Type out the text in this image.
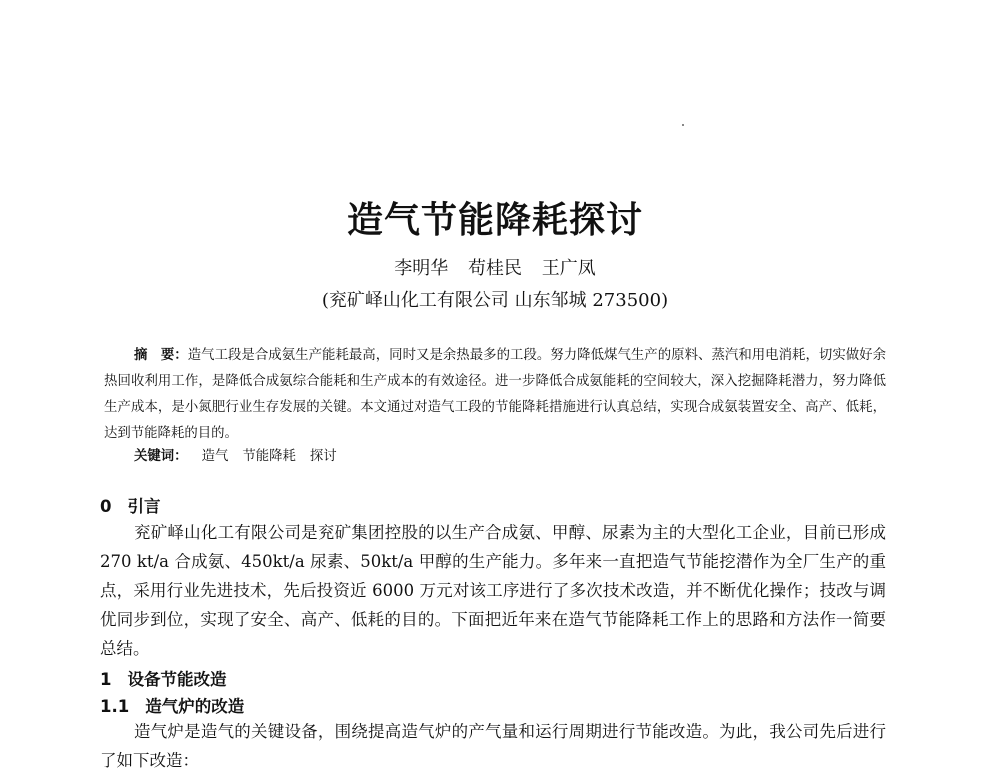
造气节能降耗探讨
李明华 苟桂民 王广凤
(兖矿峄山化工有限公司 山东邹城 273500)

摘　要：造气工段是合成氨生产能耗最高，同时又是余热最多的工段。努力降低煤气生产的原料、蒸汽和用电消耗，切实做好余热回收利用工作，是降低合成氨综合能耗和生产成本的有效途径。进一步降低合成氨能耗的空间较大，深入挖掘降耗潜力，努力降低生产成本，是小氮肥行业生存发展的关键。本文通过对造气工段的节能降耗措施进行认真总结，实现合成氨装置安全、高产、低耗，达到节能降耗的目的。

关键词： 造气 节能降耗 探讨

0 引言

兖矿峄山化工有限公司是兖矿集团控股的以生产合成氨、甲醇、尿素为主的大型化工企业，目前已形成 270 kt/a 合成氨、450kt/a 尿素、50kt/a 甲醇的生产能力。多年来一直把造气节能挖潜作为全厂生产的重点，采用行业先进技术，先后投资近 6000 万元对该工序进行了多次技术改造，并不断优化操作；技改与调优同步到位，实现了安全、高产、低耗的目的。下面把近年来在造气节能降耗工作上的思路和方法作一简要总结。

1 设备节能改造
1.1 造气炉的改造

造气炉是造气的关键设备，围绕提高造气炉的产气量和运行周期进行节能改造。为此，我公司先后进行了如下改造：
